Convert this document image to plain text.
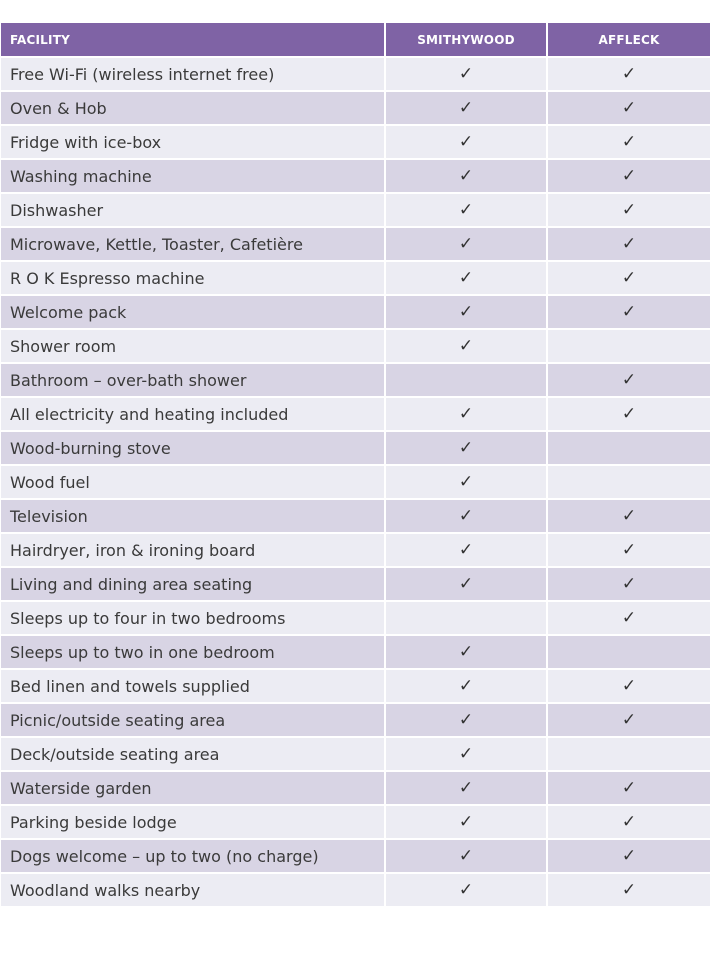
FACILITY	SMITHYWOOD	AFFLECK
Free Wi-Fi (wireless internet free)	✓	✓
Oven & Hob	✓	✓
Fridge with ice-box	✓	✓
Washing machine	✓	✓
Dishwasher	✓	✓
Microwave, Kettle, Toaster, Cafetière	✓	✓
R O K Espresso machine	✓	✓
Welcome pack	✓	✓
Shower room	✓	
Bathroom – over-bath shower		✓
All electricity and heating included	✓	✓
Wood-burning stove	✓	
Wood fuel	✓	
Television	✓	✓
Hairdryer, iron & ironing board	✓	✓
Living and dining area seating	✓	✓
Sleeps up to four in two bedrooms		✓
Sleeps up to two in one bedroom	✓	
Bed linen and towels supplied	✓	✓
Picnic/outside seating area	✓	✓
Deck/outside seating area	✓	
Waterside garden	✓	✓
Parking beside lodge	✓	✓
Dogs welcome – up to two (no charge)	✓	✓
Woodland walks nearby	✓	✓
